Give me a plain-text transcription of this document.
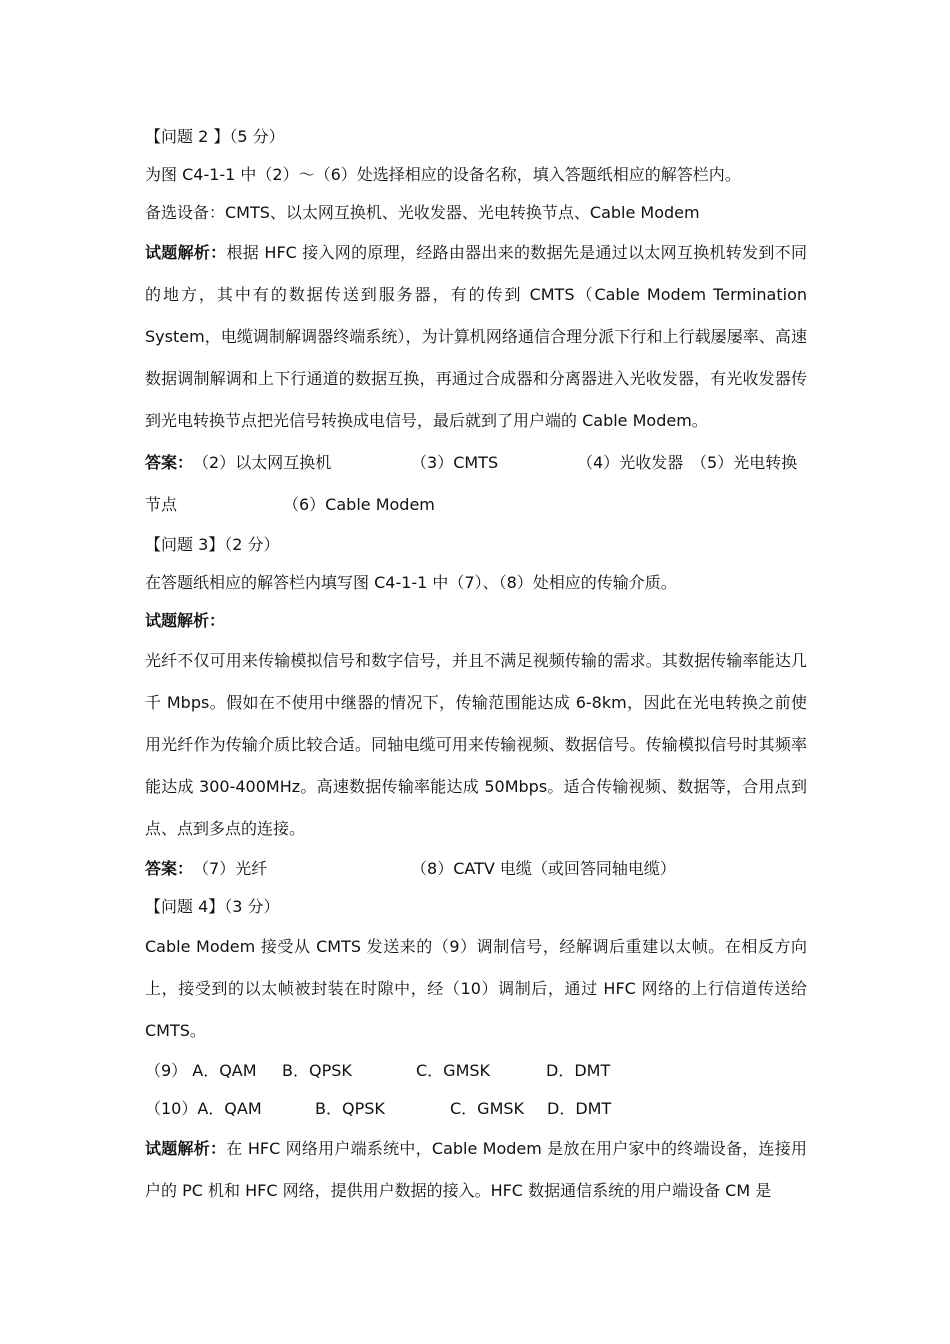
【问题 2 】（5 分）
为图 C4-1-1 中（2）～（6）处选择相应的设备名称，填入答题纸相应的解答栏内。
备选设备：CMTS、以太网互换机、光收发器、光电转换节点、Cable Modem
试题解析：根据 HFC 接入网的原理，经路由器出来的数据先是通过以太网互换机转发到不同的地方，其中有的数据传送到服务器，有的传到 CMTS（Cable Modem Termination System，电缆调制解调器终端系统），为计算机网络通信合理分派下行和上行载屡屡率、高速数据调制解调和上下行通道的数据互换，再通过合成器和分离器进入光收发器，有光收发器传到光电转换节点把光信号转换成电信号，最后就到了用户端的 Cable Modem。
答案： （2）以太网互换机	（3）CMTS	（4）光收发器 （5）光电转换
节点	（6）Cable Modem
【问题 3】（2 分）
在答题纸相应的解答栏内填写图 C4-1-1 中（7）、（8）处相应的传输介质。
试题解析：
光纤不仅可用来传输模拟信号和数字信号，并且不满足视频传输的需求。其数据传输率能达几千 Mbps。假如在不使用中继器的情况下，传输范围能达成 6-8km，因此在光电转换之前使用光纤作为传输介质比较合适。同轴电缆可用来传输视频、数据信号。传输模拟信号时其频率能达成 300-400MHz。高速数据传输率能达成 50Mbps。适合传输视频、数据等，合用点到点、点到多点的连接。
答案： （7）光纤	（8）CATV 电缆（或回答同轴电缆）
【问题 4】（3 分）
Cable Modem 接受从 CMTS 发送来的（9）调制信号，经解调后重建以太帧。在相反方向上，接受到的以太帧被封装在时隙中，经（10）调制后，通过 HFC 网络的上行信道传送给 CMTS。
（9） A．QAM	B．QPSK	C．GMSK	D．DMT
（10）A．QAM	B．QPSK	C．GMSK	D．DMT
试题解析：在 HFC 网络用户端系统中，Cable Modem 是放在用户家中的终端设备，连接用户的 PC 机和 HFC 网络，提供用户数据的接入。HFC 数据通信系统的用户端设备 CM 是
